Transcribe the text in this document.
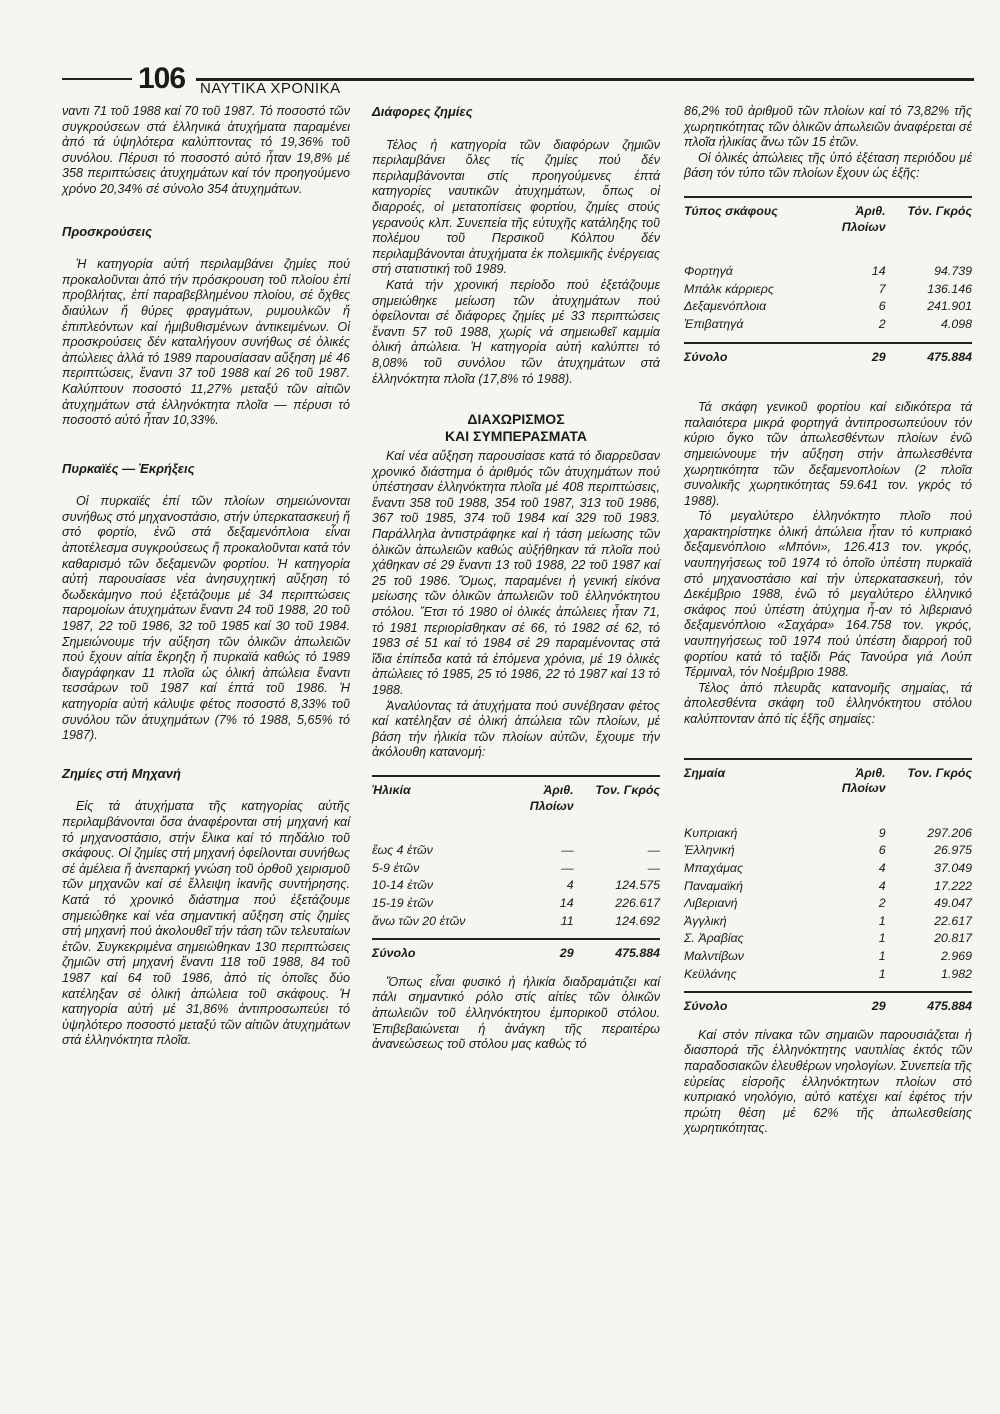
106 ΝΑΥΤΙΚΑ ΧΡΟΝΙΚΑ

ναντι 71 τοῦ 1988 καί 70 τοῦ 1987. Τό ποσοστό τῶν συγκρούσεων στά ἑλληνικά ἀτυχήματα παραμένει ἀπό τά ὑψηλότερα καλύπτοντας τό 19,36% τοῦ συνόλου. Πέρυσι τό ποσοστό αὐτό ἦταν 19,8% μέ 358 περιπτώσεις ἀτυχημάτων καί τόν προηγούμενο χρόνο 20,34% σέ σύνολο 354 ἀτυχημάτων.

Προσκρούσεις

Ἡ κατηγορία αὐτή περιλαμβάνει ζημίες πού προκαλοῦνται ἀπό τήν πρόσκρουση τοῦ πλοίου ἐπί προβλήτας, ἐπί παραβεβλημένου πλοίου, σέ ὄχθες διαύλων ἤ θύρες φραγμάτων, ρυμουλκῶν ἤ ἐπιπλεόντων καί ἡμιβυθισμένων ἀντικειμένων. Οἱ προσκρούσεις δέν καταλήγουν συνήθως σέ ὁλικές ἀπώλειες ἀλλά τό 1989 παρουσίασαν αὔξηση μέ 46 περιπτώσεις, ἔναντι 37 τοῦ 1988 καί 26 τοῦ 1987. Καλύπτουν ποσοστό 11,27% μεταξύ τῶν αἰτιῶν ἀτυχημάτων στά ἑλληνόκτητα πλοῖα — πέρυσι τό ποσοστό αὐτό ἦταν 10,33%.

Πυρκαϊές — Ἐκρήξεις

Οἱ πυρκαϊές ἐπί τῶν πλοίων σημειώνονται συνήθως στό μηχανοστάσιο, στήν ὑπερκατασκευή ἤ στό φορτίο, ἐνῶ στά δεξαμενόπλοια εἶναι ἀποτέλεσμα συγκρούσεως ἤ προκαλοῦνται κατά τόν καθαρισμό τῶν δεξαμενῶν φορτίου. Ἡ κατηγορία αὐτή παρουσίασε νέα ἀνησυχητική αὔξηση τό δωδεκάμηνο πού ἐξετάζουμε μέ 34 περιπτώσεις παρομοίων ἀτυχημάτων ἔναντι 24 τοῦ 1988, 20 τοῦ 1987, 22 τοῦ 1986, 32 τοῦ 1985 καί 30 τοῦ 1984. Σημειώνουμε τήν αὔξηση τῶν ὁλικῶν ἀπωλειῶν πού ἔχουν αἰτία ἔκρηξη ἤ πυρκαϊά καθώς τό 1989 διαγράφηκαν 11 πλοῖα ὡς ὁλική ἀπώλεια ἔναντι τεσσάρων τοῦ 1987 καί ἑπτά τοῦ 1986. Ἡ κατηγορία αὐτή κάλυψε φέτος ποσοστό 8,33% τοῦ συνόλου τῶν ἀτυχημάτων (7% τό 1988, 5,65% τό 1987).

Ζημίες στή Μηχανή

Εἰς τά ἀτυχήματα τῆς κατηγορίας αὐτῆς περιλαμβάνονται ὅσα ἀναφέρονται στή μηχανή καί τό μηχανοστάσιο, στήν ἕλικα καί τό πηδάλιο τοῦ σκάφους. Οἱ ζημίες στή μηχανή ὀφείλονται συνήθως σέ ἀμέλεια ἤ ἀνεπαρκή γνώση τοῦ ὀρθοῦ χειρισμοῦ τῶν μηχανῶν καί σέ ἔλλειψη ἱκανῆς συντήρησης. Κατά τό χρονικό διάστημα πού ἐξετάζουμε σημειώθηκε καί νέα σημαντική αὔξηση στίς ζημίες στή μηχανή πού ἀκολουθεῖ τήν τάση τῶν τελευταίων ἐτῶν. Συγκεκριμένα σημειώθηκαν 130 περιπτώσεις ζημιῶν στή μηχανή ἔναντι 118 τοῦ 1988, 84 τοῦ 1987 καί 64 τοῦ 1986, ἀπό τίς ὁποῖες δύο κατέληξαν σέ ὁλική ἀπώλεια τοῦ σκάφους. Ἡ κατηγορία αὐτή μέ 31,86% ἀντιπροσωπεύει τό ὑψηλότερο ποσοστό μεταξύ τῶν αἰτιῶν ἀτυχημάτων στά ἑλληνόκτητα πλοῖα.

Διάφορες ζημίες

Τέλος ἡ κατηγορία τῶν διαφόρων ζημιῶν περιλαμβάνει ὅλες τίς ζημίες πού δέν περιλαμβάνονται στίς προηγούμενες ἑπτά κατηγορίες ναυτικῶν ἀτυχημάτων, ὅπως οἱ διαρροές, οἱ μετατοπίσεις φορτίου, ζημίες στούς γερανούς κλπ. Συνεπεία τῆς εὐτυχῆς κατάληξης τοῦ πολέμου τοῦ Περσικοῦ Κόλπου δέν περιλαμβάνονται ἀτυχήματα ἐκ πολεμικῆς ἐνέργειας στή στατιστική τοῦ 1989.

Κατά τήν χρονική περίοδο πού ἐξετάζουμε σημειώθηκε μείωση τῶν ἀτυχημάτων πού ὀφείλονται σέ διάφορες ζημίες μέ 33 περιπτώσεις ἔναντι 57 τοῦ 1988, χωρίς νά σημειωθεῖ καμμία ὁλική ἀπώλεια. Ἡ κατηγορία αὐτή καλύπτει τό 8,08% τοῦ συνόλου τῶν ἀτυχημάτων στά ἑλληνόκτητα πλοῖα (17,8% τό 1988).

ΔΙΑΧΩΡΙΣΜΟΣ
ΚΑΙ ΣΥΜΠΕΡΑΣΜΑΤΑ

Καί νέα αὔξηση παρουσίασε κατά τό διαρρεῦσαν χρονικό διάστημα ὁ ἀριθμός τῶν ἀτυχημάτων πού ὑπέστησαν ἑλληνόκτητα πλοῖα μέ 408 περιπτώσεις, ἔναντι 358 τοῦ 1988, 354 τοῦ 1987, 313 τοῦ 1986, 367 τοῦ 1985, 374 τοῦ 1984 καί 329 τοῦ 1983. Παράλληλα ἀντιστράφηκε καί ἡ τάση μείωσης τῶν ὁλικῶν ἀπωλειῶν καθώς αὐξήθηκαν τά πλοῖα πού χάθηκαν σέ 29 ἔναντι 13 τοῦ 1988, 22 τοῦ 1987 καί 25 τοῦ 1986. Ὅμως, παραμένει ἡ γενική εἰκόνα μείωσης τῶν ὁλικῶν ἀπωλειῶν τοῦ ἑλληνόκτητου στόλου. Ἔτσι τό 1980 οἱ ὁλικές ἀπώλειες ἦταν 71, τό 1981 περιορίσθηκαν σέ 66, τό 1982 σέ 62, τό 1983 σέ 51 καί τό 1984 σέ 29 παραμένοντας στά ἴδια ἐπίπεδα κατά τά ἑπόμενα χρόνια, μέ 19 ὁλικές ἀπώλειες τό 1985, 25 τό 1986, 22 τό 1987 καί 13 τό 1988.

Ἀναλύοντας τά ἀτυχήματα πού συνέβησαν φέτος καί κατέληξαν σέ ὁλική ἀπώλεια τῶν πλοίων, μέ βάση τήν ἡλικία τῶν πλοίων αὐτῶν, ἔχουμε τήν ἀκόλουθη κατανομή:

Ἡλικία	Ἀριθ. Πλοίων	Τον. Γκρός
ἕως 4 ἐτῶν	—	—
5-9 ἐτῶν	—	—
10-14 ἐτῶν	4	124.575
15-19 ἐτῶν	14	226.617
ἄνω τῶν 20 ἐτῶν	11	124.692

Σύνολο	29	475.884

Ὅπως εἶναι φυσικό ἡ ἡλικία διαδραμάτιζει καί πάλι σημαντικό ρόλο στίς αἰτίες τῶν ὁλικῶν ἀπωλειῶν τοῦ ἑλληνόκτητου ἐμπορικοῦ στόλου. Ἐπιβεβαιώνεται ἡ ἀνάγκη τῆς περαιτέρω ἀνανεώσεως τοῦ στόλου μας καθώς τό

86,2% τοῦ ἀριθμοῦ τῶν πλοίων καί τό 73,82% τῆς χωρητικότητας τῶν ὁλικῶν ἀπωλειῶν ἀναφέρεται σέ πλοῖα ἡλικίας ἄνω τῶν 15 ἐτῶν.

Οἱ ὁλικές ἀπώλειες τῆς ὑπό ἐξέταση περιόδου μέ βάση τόν τύπο τῶν πλοίων ἔχουν ὡς ἑξῆς:

Τύπος σκάφους	Ἀριθ. Πλοίων	Τόν. Γκρός
Φορτηγά	14	94.739
Μπάλκ κάρριερς	7	136.146
Δεξαμενόπλοια	6	241.901
Ἐπιβατηγά	2	4.098

Σύνολο	29	475.884

Τά σκάφη γενικοῦ φορτίου καί ειδικότερα τά παλαιότερα μικρά φορτηγά ἀντιπροσωπεύουν τόν κύριο ὄγκο τῶν ἀπωλεσθέντων πλοίων ἐνῶ σημειώνουμε τήν αὔξηση στήν ἀπωλεσθέντα χωρητικότητα τῶν δεξαμενοπλοίων (2 πλοῖα συνολικῆς χωρητικότητας 59.641 τον. γκρός τό 1988).

Τό μεγαλύτερο ἑλληνόκτητο πλοῖο πού χαρακτηρίστηκε ὁλική ἀπώλεια ἦταν τό κυπριακό δεξαμενόπλοιο «Μπόνι», 126.413 τον. γκρός, ναυπηγήσεως τοῦ 1974 τό ὁποῖο ὑπέστη πυρκαϊά στό μηχανοστάσιο καί τήν ὑπερκατασκευή, τόν Δεκέμβριο 1988, ἐνῶ τό μεγαλύτερο ἑλληνικό σκάφος πού ὑπέστη ἀτύχημα ἦ-αν τό λιβεριανό δεξαμενόπλοιο «Σαχάρα» 164.758 τον. γκρός, ναυπηγήσεως τοῦ 1974 πού ὑπέστη διαρροή τοῦ φορτίου κατά τό ταξίδι Ράς Τανούρα γιά Λούπ Τέρμιναλ, τόν Νοέμβριο 1988.

Τέλος ἀπό πλευρᾶς κατανομῆς σημαίας, τά ἀπολεσθέντα σκάφη τοῦ ἑλληνόκτητου στόλου καλύπτονταν ἀπό τίς ἑξῆς σημαίες:

Σημαία	Ἀριθ. Πλοίων	Τον. Γκρός
Κυπριακή	9	297.206
Ἑλληνική	6	26.975
Μπαχάμας	4	37.049
Παναμαϊκή	4	17.222
Λιβεριανή	2	49.047
Ἀγγλική	1	22.617
Σ. Ἀραβίας	1	20.817
Μαλντίβων	1	2.969
Κεϋλάνης	1	1.982

Σύνολο	29	475.884

Καί στόν πίνακα τῶν σημαιῶν παρουσιάζεται ἡ διασπορά τῆς ἑλληνόκτητης ναυτιλίας ἐκτός τῶν παραδοσιακῶν ἐλευθέρων νηολογίων. Συνεπεία τῆς εὐρείας εἰσροῆς ἑλληνόκτητων πλοίων στό κυπριακό νηολόγιο, αὐτό κατέχει καί ἐφέτος τήν πρώτη θέση μέ 62% τῆς ἀπωλεσθείσης χωρητικότητας.
